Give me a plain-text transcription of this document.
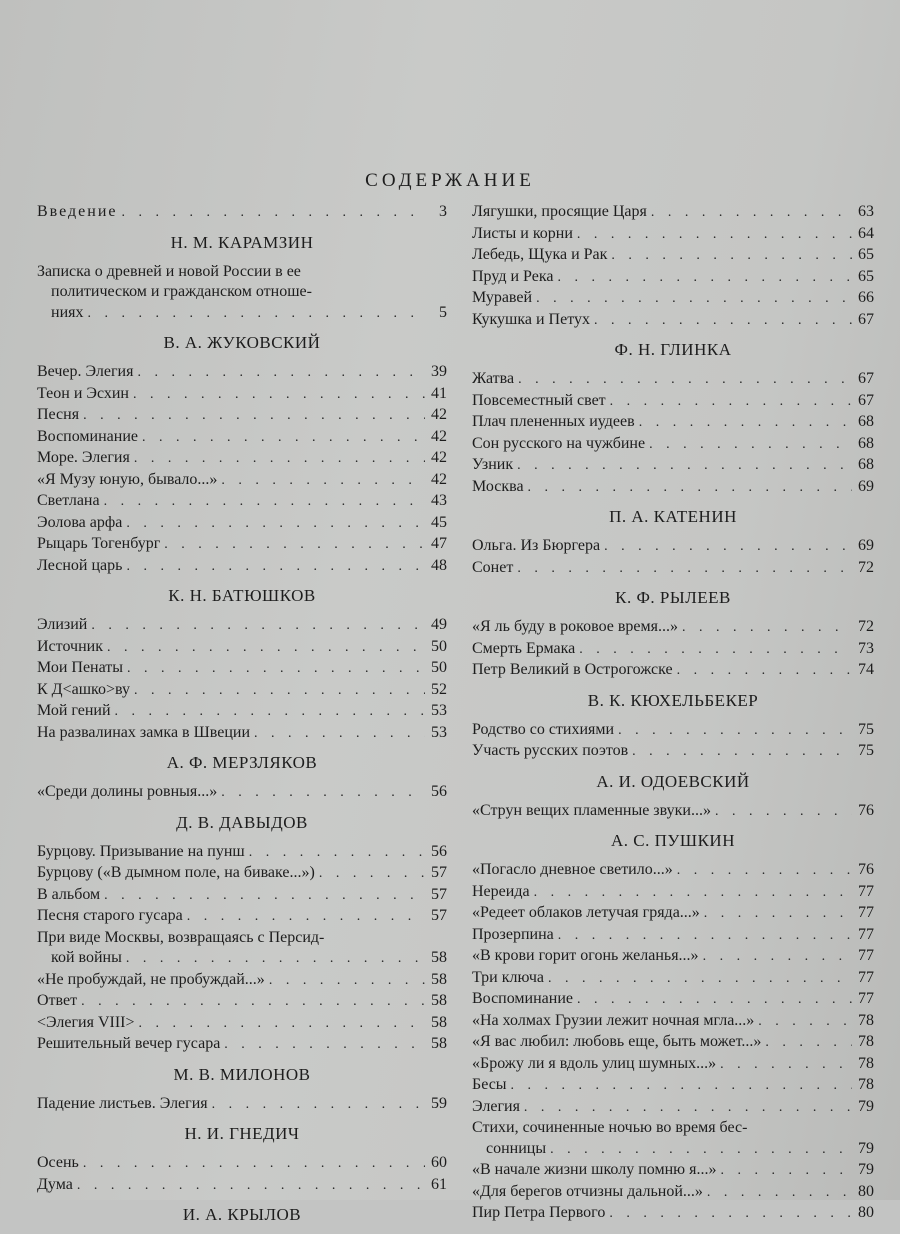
СОДЕРЖАНИЕ
Введение . . .	3
Н. М. КАРАМЗИН
Записка о древней и новой России в ее
политическом и гражданском отноше-
ниях . . .	5
В. А. ЖУКОВСКИЙ
Вечер. Элегия . . .	39
Теон и Эсхин . . .	41
Песня . . .	42
Воспоминание . . .	42
Море. Элегия . . .	42
«Я Музу юную, бывало...» . . .	42
Светлана . . .	43
Эолова арфа . . .	45
Рыцарь Тогенбург . . .	47
Лесной царь . . .	48
К. Н. БАТЮШКОВ
Элизий . . .	49
Источник . . .	50
Мои Пенаты . . .	50
К Д<ашко>ву . . .	52
Мой гений . . .	53
На развалинах замка в Швеции . . .	53
А. Ф. МЕРЗЛЯКОВ
«Среди долины ровныя...» . . .	56
Д. В. ДАВЫДОВ
Бурцову. Призывание на пунш . . .	56
Бурцову («В дымном поле, на биваке...») . . .	57
В альбом . . .	57
Песня старого гусара . . .	57
При виде Москвы, возвращаясь с Персид-
кой войны . . .	58
«Не пробуждай, не пробуждай...» . . .	58
Ответ . . .	58
<Элегия VIII> . . .	58
Решительный вечер гусара . . .	58
М. В. МИЛОНОВ
Падение листьев. Элегия . . .	59
Н. И. ГНЕДИЧ
Осень . . .	60
Дума . . .	61
И. А. КРЫЛОВ
Лягушки, просящие Царя . . .	63
Листы и корни . . .	64
Лебедь, Щука и Рак . . .	65
Пруд и Река . . .	65
Муравей . . .	66
Кукушка и Петух . . .	67
Ф. Н. ГЛИНКА
Жатва . . .	67
Повсеместный свет . . .	67
Плач плененных иудеев . . .	68
Сон русского на чужбине . . .	68
Узник . . .	68
Москва . . .	69
П. А. КАТЕНИН
Ольга. Из Бюргера . . .	69
Сонет . . .	72
К. Ф. РЫЛЕЕВ
«Я ль буду в роковое время...» . . .	72
Смерть Ермака . . .	73
Петр Великий в Острогожске . . .	74
В. К. КЮХЕЛЬБЕКЕР
Родство со стихиями . . .	75
Участь русских поэтов . . .	75
А. И. ОДОЕВСКИЙ
«Струн вещих пламенные звуки...» . . .	76
А. С. ПУШКИН
«Погасло дневное светило...» . . .	76
Нереида . . .	77
«Редеет облаков летучая гряда...» . . .	77
Прозерпина . . .	77
«В крови горит огонь желанья...» . . .	77
Три ключа . . .	77
Воспоминание . . .	77
«На холмах Грузии лежит ночная мгла...» . . .	78
«Я вас любил: любовь еще, быть может...» . . .	78
«Брожу ли я вдоль улиц шумных...» . . .	78
Бесы . . .	78
Элегия . . .	79
Стихи, сочиненные ночью во время бес-
сонницы . . .	79
«В начале жизни школу помню я...» . . .	79
«Для берегов отчизны дальной...» . . .	80
Пир Петра Первого . . .	80
